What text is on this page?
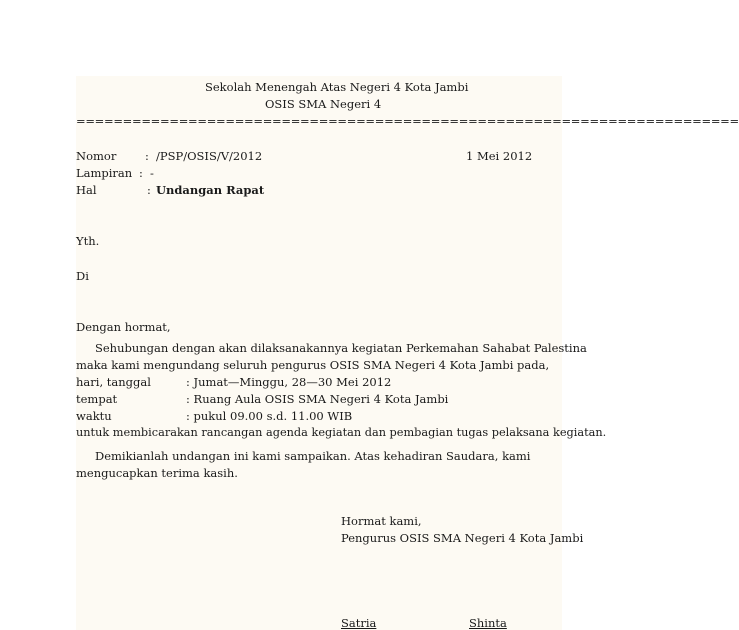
Sekolah Menengah Atas Negeri 4 Kota Jambi
OSIS SMA Negeri 4
=======================================================================
Nomor : /PSP/OSIS/V/2012	1 Mei 2012
Lampiran : -
Hal	: Undangan Rapat
Yth.
Di
Dengan hormat,
Sehubungan dengan akan dilaksanakannya kegiatan Perkemahan Sahabat Palestina
maka kami mengundang seluruh pengurus OSIS SMA Negeri 4 Kota Jambi pada,
hari, tanggal	: Jumat—Minggu, 28—30 Mei 2012
tempat	: Ruang Aula OSIS SMA Negeri 4 Kota Jambi
waktu	: pukul 09.00 s.d. 11.00 WIB
untuk membicarakan rancangan agenda kegiatan dan pembagian tugas pelaksana kegiatan.
Demikianlah undangan ini kami sampaikan. Atas kehadiran Saudara, kami
mengucapkan terima kasih.
Hormat kami,
Pengurus OSIS SMA Negeri 4 Kota Jambi
Satria	Shinta
